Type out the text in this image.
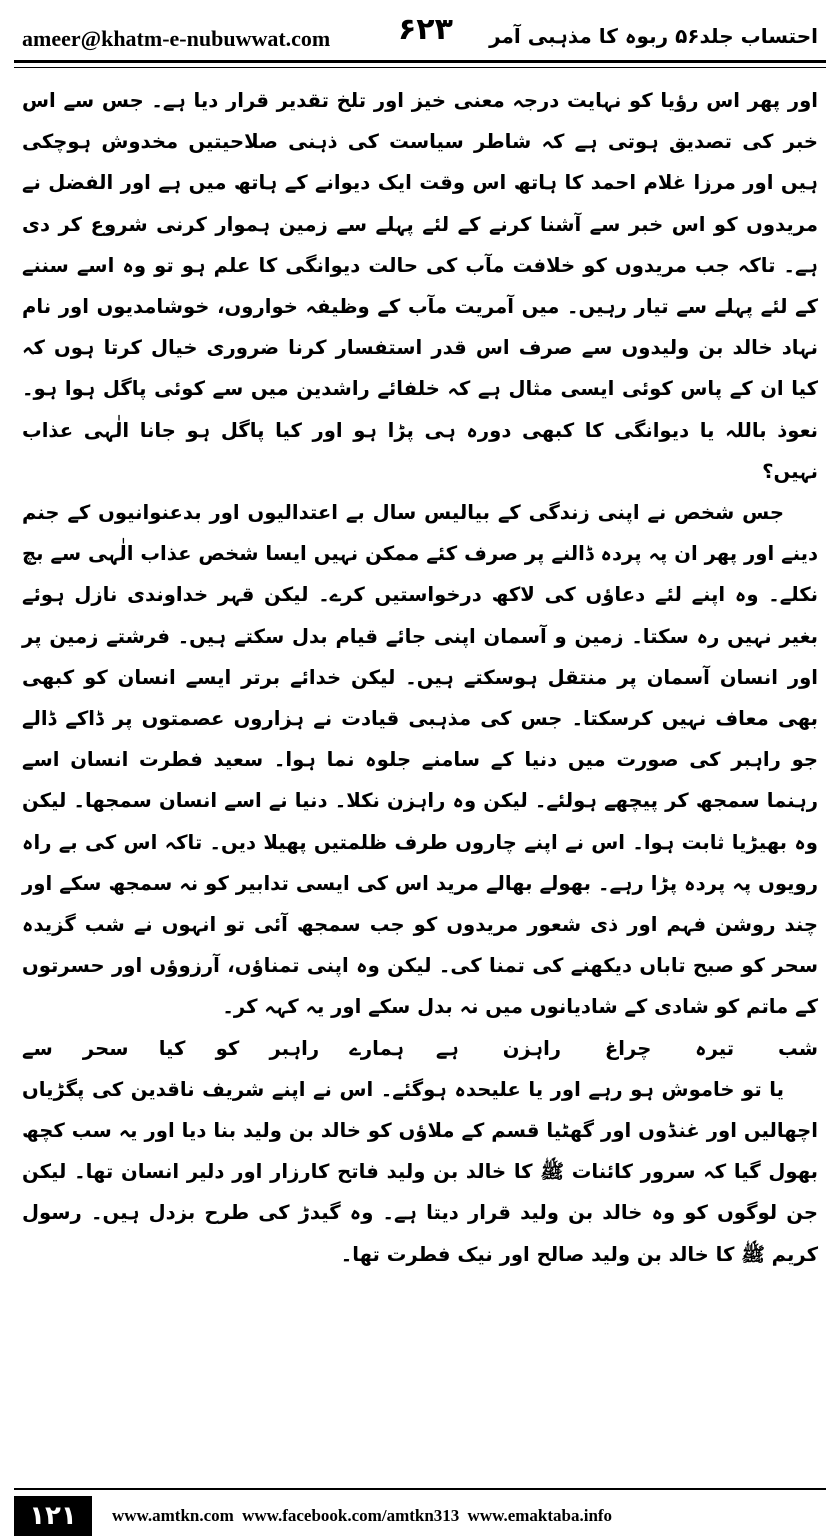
ameer@khatm-e-nubuwwat.com ۶۲۳ احتساب جلد۵۶ ربوہ کا مذہبی آمر

اور پھر اس رؤیا کو نہایت درجہ معنی خیز اور تلخ تقدیر قرار دیا ہے۔ جس سے اس خبر کی تصدیق ہوتی ہے کہ شاطر سیاست کی ذہنی صلاحیتیں مخدوش ہوچکی ہیں اور مرزا غلام احمد کا ہاتھ اس وقت ایک دیوانے کے ہاتھ میں ہے اور الفضل نے مریدوں کو اس خبر سے آشنا کرنے کے لئے پہلے سے زمین ہموار کرنی شروع کر دی ہے۔ تاکہ جب مریدوں کو خلافت مآب کی حالت دیوانگی کا علم ہو تو وہ اسے سننے کے لئے پہلے سے تیار رہیں۔ میں آمریت مآب کے وظیفہ خواروں، خوشامدیوں اور نام نہاد خالد بن ولیدوں سے صرف اس قدر استفسار کرنا ضروری خیال کرتا ہوں کہ کیا ان کے پاس کوئی ایسی مثال ہے کہ خلفائے راشدین میں سے کوئی پاگل ہوا ہو۔ نعوذ باللہ یا دیوانگی کا کبھی دورہ ہی پڑا ہو اور کیا پاگل ہو جانا الٰہی عذاب نہیں؟

جس شخص نے اپنی زندگی کے بیالیس سال بے اعتدالیوں اور بدعنوانیوں کے جنم دینے اور پھر ان پہ پردہ ڈالنے پر صرف کئے ممکن نہیں ایسا شخص عذاب الٰہی سے بچ نکلے۔ وہ اپنے لئے دعاؤں کی لاکھ درخواستیں کرے۔ لیکن قہر خداوندی نازل ہوئے بغیر نہیں رہ سکتا۔ زمین و آسمان اپنی جائے قیام بدل سکتے ہیں۔ فرشتے زمین پر اور انسان آسمان پر منتقل ہوسکتے ہیں۔ لیکن خدائے برتر ایسے انسان کو کبھی بھی معاف نہیں کرسکتا۔ جس کی مذہبی قیادت نے ہزاروں عصمتوں پر ڈاکے ڈالے جو راہبر کی صورت میں دنیا کے سامنے جلوہ نما ہوا۔ سعید فطرت انسان اسے رہنما سمجھ کر پیچھے ہولئے۔ لیکن وہ راہزن نکلا۔ دنیا نے اسے انسان سمجھا۔ لیکن وہ بھیڑیا ثابت ہوا۔ اس نے اپنے چاروں طرف ظلمتیں پھیلا دیں۔ تاکہ اس کی بے راہ رویوں پہ پردہ پڑا رہے۔ بھولے بھالے مرید اس کی ایسی تدابیر کو نہ سمجھ سکے اور چند روشن فہم اور ذی شعور مریدوں کو جب سمجھ آئی تو انہوں نے شب گزیدہ سحر کو صبح تاباں دیکھنے کی تمنا کی۔ لیکن وہ اپنی تمناؤں، آرزوؤں اور حسرتوں کے ماتم کو شادی کے شادیانوں میں نہ بدل سکے اور یہ کہہ کر۔

شب تیرہ چراغ راہزن ہے
ہمارے راہبر کو کیا سحر سے

یا تو خاموش ہو رہے اور یا علیحدہ ہوگئے۔ اس نے اپنے شریف ناقدین کی پگڑیاں اچھالیں اور غنڈوں اور گھٹیا قسم کے ملاؤں کو خالد بن ولید بنا دیا اور یہ سب کچھ بھول گیا کہ سرور کائنات ﷺ کا خالد بن ولید فاتح کارزار اور دلیر انسان تھا۔ لیکن جن لوگوں کو وہ خالد بن ولید قرار دیتا ہے۔ وہ گیدڑ کی طرح بزدل ہیں۔ رسول کریم ﷺ کا خالد بن ولید صالح اور نیک فطرت تھا۔

۱۲۱	www.amtkn.com www.facebook.com/amtkn313 www.emaktaba.info
